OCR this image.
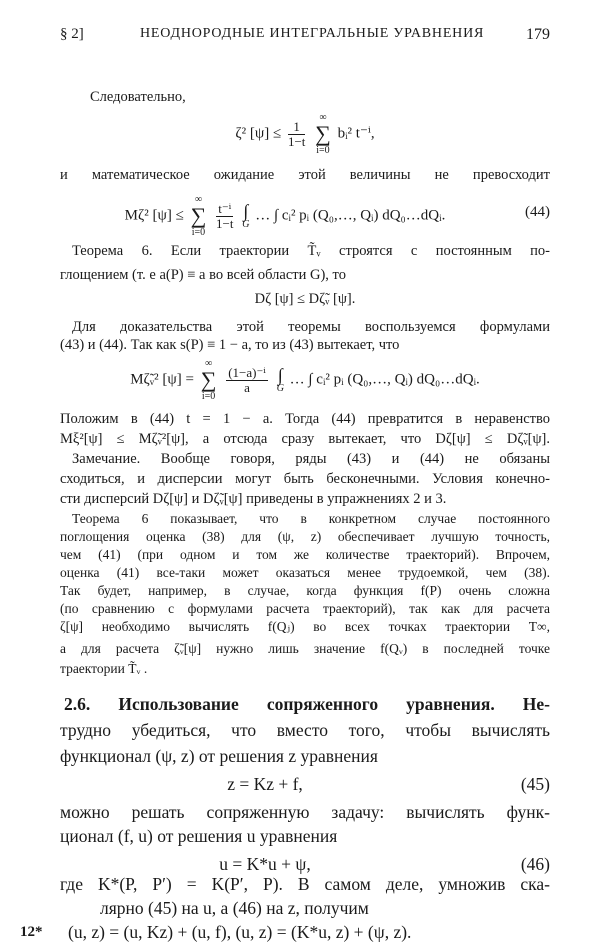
§ 2]	НЕОДНОРОДНЫЕ ИНТЕГРАЛЬНЫЕ УРАВНЕНИЯ	179
Следовательно,
ζ² $[\psi] \le \frac{1}{1-t}$

∞
∑
i=0
bᵢ² t⁻ⁱ,
и математическое ожидание этой величины не превосходит
Mζ² [ψ] ≤
∞
∑
i=0

$\frac{\text{t⁻ⁱ}}{1-t}$
∫
G
… ∫ cᵢ² pᵢ (Q₀,…, Qᵢ) dQ₀…dQᵢ.	(44)
Теорема 6. Если траектории T̃ᵥ строятся с постоянным по-
глощением (т. е a(P) ≡ a во всей области G), то
Dζ [ψ] ≤ Dζ̃ᵥ [ψ].
Для доказательства этой теоремы воспользуемся формулами
(43) и (44). Так как s(P) ≡ 1 − a, то из (43) вытекает, что
Mζ̃ᵥ² [ψ] =
∞
∑
i=0

$\frac{\text{(1−a)⁻ⁱ}}{a}$
∫
G
… ∫ cᵢ² pᵢ (Q₀,…, Qᵢ) dQ₀…dQᵢ.
Положим в (44) t = 1 − a. Тогда (44) превратится в неравенство
Mξ²[ψ] ≤ Mζ̃ᵥ²[ψ], а отсюда сразу вытекает, что Dζ[ψ] ≤ Dζ̃ᵥ[ψ].
Замечание. Вообще говоря, ряды (43) и (44) не обязаны
сходиться, и дисперсии могут быть бесконечными. Условия конечно-
сти дисперсий Dζ[ψ] и Dζ̃ᵥ[ψ] приведены в упражнениях 2 и 3.
Теорема 6 показывает, что в конкретном случае постоянного
поглощения оценка (38) для (ψ, z) обеспечивает лучшую точность,
чем (41) (при одном и том же количестве траекторий). Впрочем,
оценка (41) все-таки может оказаться менее трудоемкой, чем (38).
Так будет, например, в случае, когда функция f(P) очень сложна
(по сравнению с формулами расчета траекторий), так как для расчета
ζ[ψ] необходимо вычислять f(Qⱼ) во всех точках траектории T∞,
а для расчета ζ̃ᵥ[ψ] нужно лишь значение f(Qᵥ) в последней точке
траектории T̃ᵥ .
2.6. Использование сопряженного уравнения. Не-
трудно убедиться, что вместо того, чтобы вычислять
функционал (ψ, z) от решения z уравнения
z = Kz + f,	(45)
можно решать сопряженную задачу: вычислять функ-
ционал (f, u) от решения u уравнения
u = K*u + ψ,	(46)
где K*(P, P′) = K(P′, P). В самом деле, умножив ска-
лярно (45) на u, а (46) на z, получим
(u, z) = (u, Kz) + (u, f), (u, z) = (K*u, z) + (ψ, z).
12*
